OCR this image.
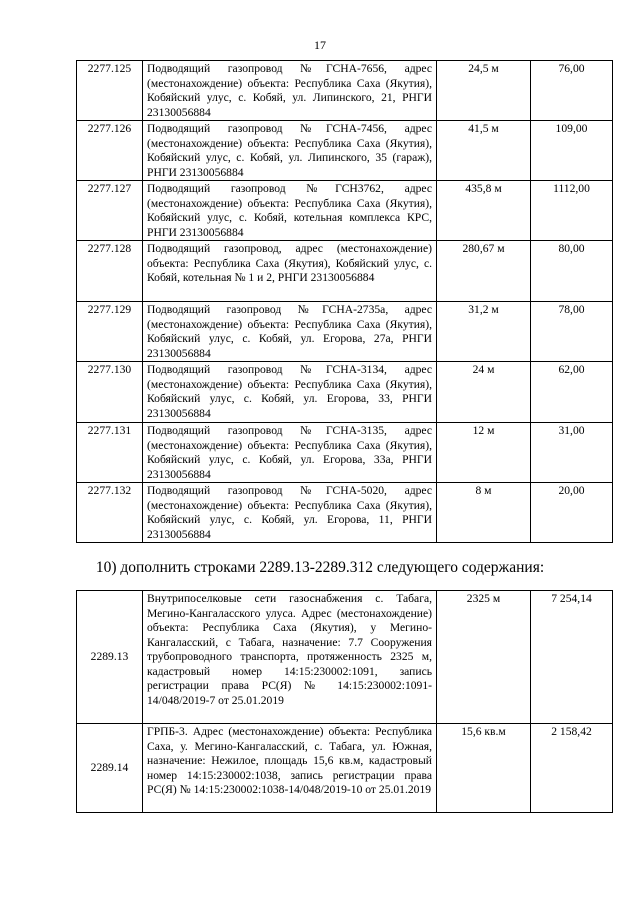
17
2277.125	Подводящий газопровод №ГСНА-7656, адрес (местонахождение) объекта: Республика Саха (Якутия), Кобяйский улус, с. Кобяй, ул. Липинского, 21, РНГИ 23130056884	24,5 м	76,00
2277.126	Подводящий газопровод №ГСНА-7456, адрес (местонахождение) объекта: Республика Саха (Якутия), Кобяйский улус, с. Кобяй, ул. Липинского, 35 (гараж), РНГИ 23130056884	41,5 м	109,00
2277.127	Подводящий газопровод №ГСН3762, адрес (местонахождение) объекта: Республика Саха (Якутия), Кобяйский улус, с. Кобяй, котельная комплекса КРС, РНГИ 23130056884	435,8 м	1112,00
2277.128	Подводящий газопровод, адрес (местонахождение) объекта: Республика Саха (Якутия), Кобяйский улус, с. Кобяй, котельная № 1 и 2, РНГИ 23130056884	280,67 м	80,00
2277.129	Подводящий газопровод №ГСНА-2735а, адрес (местонахождение) объекта: Республика Саха (Якутия), Кобяйский улус, с. Кобяй, ул. Егорова, 27а, РНГИ 23130056884	31,2 м	78,00
2277.130	Подводящий газопровод №ГСНА-3134, адрес (местонахождение) объекта: Республика Саха (Якутия), Кобяйский улус, с. Кобяй, ул. Егорова, 33, РНГИ 23130056884	24 м	62,00
2277.131	Подводящий газопровод №ГСНА-3135, адрес (местонахождение) объекта: Республика Саха (Якутия), Кобяйский улус, с. Кобяй, ул. Егорова, 33а, РНГИ 23130056884	12 м	31,00
2277.132	Подводящий газопровод №ГСНА-5020, адрес (местонахождение) объекта: Республика Саха (Якутия), Кобяйский улус, с. Кобяй, ул. Егорова, 11, РНГИ 23130056884	8 м	20,00
10) дополнить строками 2289.13-2289.312 следующего содержания:
2289.13	Внутрипоселковые сети газоснабжения с. Табага, Мегино-Кангаласского улуса. Адрес (местонахождение) объекта: Республика Саха (Якутия), у Мегино-Кангаласский, с Табага, назначение: 7.7 Сооружения трубопроводного транспорта, протяженность 2325 м, кадастровый номер 14:15:230002:1091, запись регистрации права РС(Я) № 14:15:230002:1091-14/048/2019-7 от 25.01.2019	2325 м	7 254,14
2289.14	ГРПБ-3. Адрес (местонахождение) объекта: Республика Саха, у. Мегино-Кангаласский, с. Табага, ул. Южная, назначение: Нежилое, площадь 15,6 кв.м, кадастровый номер 14:15:230002:1038, запись регистрации права РС(Я) № 14:15:230002:1038-14/048/2019-10 от 25.01.2019	15,6 кв.м	2 158,42
